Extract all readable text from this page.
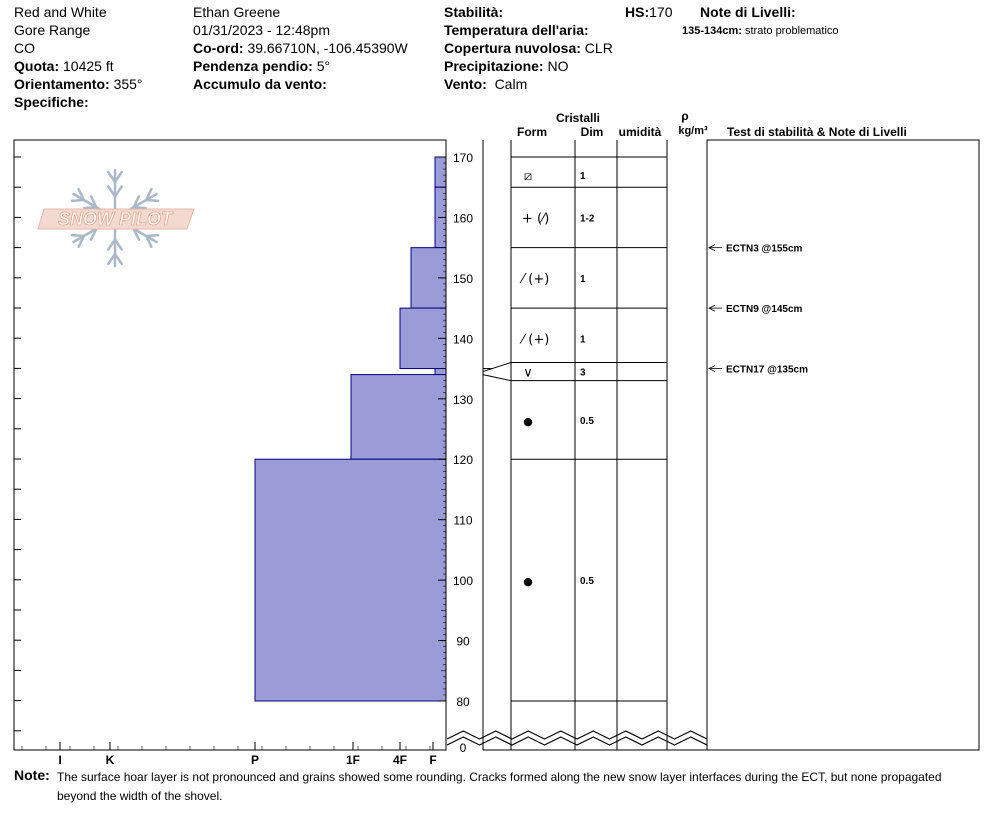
Red and White
Gore Range
CO
Quota: 10425 ft
Orientamento: 355°
Specifiche:
Ethan Greene
01/31/2023 - 12:48pm
Co-ord: 39.66710N, -106.45390W
Pendenza pendio: 5°
Accumulo da vento:
Stabilità:
Temperatura dell'aria:
Copertura nuvolosa: CLR
Precipitazione: NO
Vento: Calm
HS:170 Note di Livelli:
135-134cm: strato problematico
SNOW PILOT
0
80
90
100
110
120
130
140
150
160
170
I	K	P	1F	4F F
⧄	1
+ (⁄)	1-2
⁄ (+)	1
⁄ (+)	1
∨	3
●	0.5
●	0.5
ECTN3 @155cm
ECTN9 @145cm
ECTN17 @135cm
Cristalli
Form	Dim umidità
ρ
kg/m³ Test di stabilità & Note di Livelli
Note: The surface hoar layer is not pronounced and grains showed some rounding. Cracks formed along the new snow layer interfaces during the ECT, but none propagated beyond the width of the shovel.
